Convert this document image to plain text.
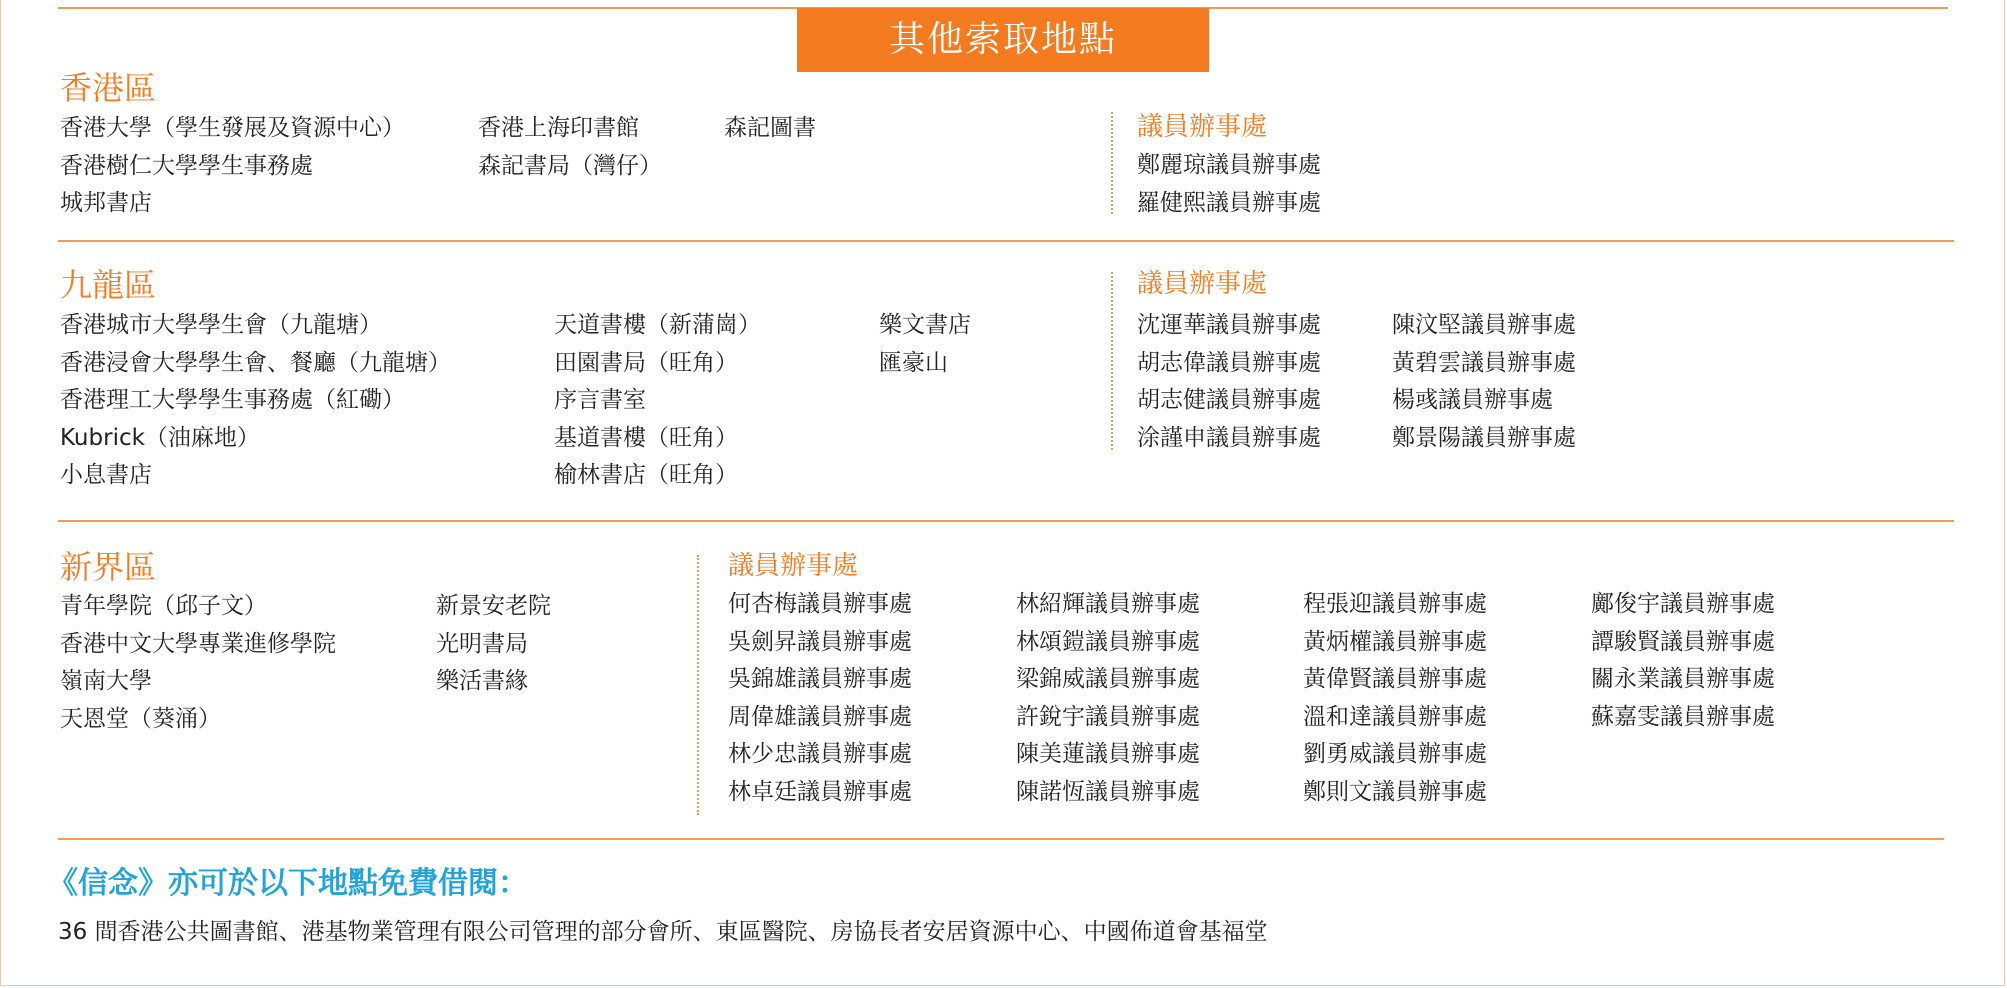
其他索取地點
香港區
香港大學（學生發展及資源中心）
香港樹仁大學學生事務處
城邦書店
香港上海印書館
森記書局（灣仔）
森記圖書	議員辦事處
鄭麗琼議員辦事處
羅健熙議員辦事處
九龍區
香港城市大學學生會（九龍塘）
香港浸會大學學生會、餐廳（九龍塘）
香港理工大學學生事務處（紅磡）
Kubrick（油麻地）
小息書店
天道書樓（新蒲崗）
田園書局（旺角）
序言書室
基道書樓（旺角）
榆林書店（旺角）
樂文書店
匯豪山
議員辦事處
沈運華議員辦事處
胡志偉議員辦事處
胡志健議員辦事處
涂謹申議員辦事處
陳汶堅議員辦事處
黃碧雲議員辦事處
楊彧議員辦事處
鄭景陽議員辦事處
新界區
青年學院（邱子文）
香港中文大學專業進修學院
嶺南大學
天恩堂（葵涌）
新景安老院
光明書局
樂活書緣
議員辦事處
何杏梅議員辦事處
吳劍昇議員辦事處
吳錦雄議員辦事處
周偉雄議員辦事處
林少忠議員辦事處
林卓廷議員辦事處
林紹輝議員辦事處
林頌鎧議員辦事處
梁錦威議員辦事處
許銳宇議員辦事處
陳美蓮議員辦事處
陳諾恆議員辦事處
程張迎議員辦事處
黃炳權議員辦事處
黃偉賢議員辦事處
溫和達議員辦事處
劉勇威議員辦事處
鄭則文議員辦事處
鄺俊宇議員辦事處
譚駿賢議員辦事處
關永業議員辦事處
蘇嘉雯議員辦事處
《信念》亦可於以下地點免費借閱：
36 間香港公共圖書館、港基物業管理有限公司管理的部分會所、東區醫院、房協長者安居資源中心、中國佈道會基福堂
